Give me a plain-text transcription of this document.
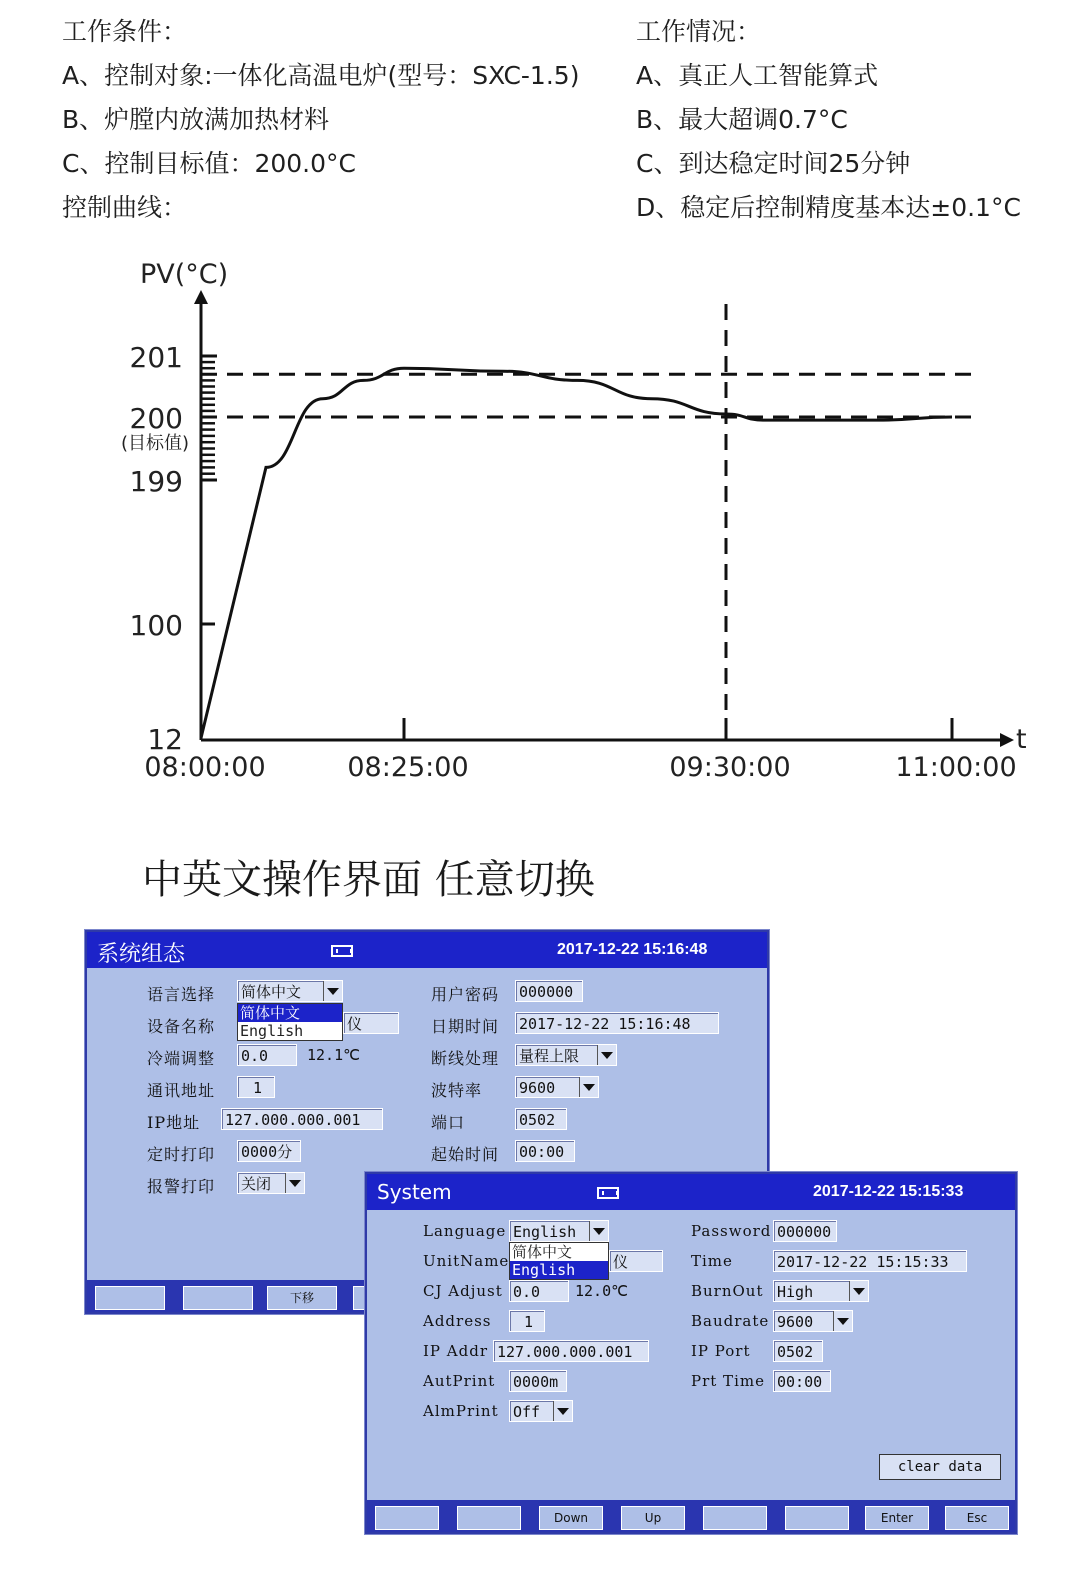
工作条件：
A、控制对象:一体化高温电炉(型号：SXC-1.5)
B、炉膛内放满加热材料
C、控制目标值：200.0°C
控制曲线：
工作情况：
A、真正人工智能算式
B、最大超调0.7°C
C、到达稳定时间25分钟
D、稳定后控制精度基本达±0.1°C
PV(°C)
t
201
200
199
100
12
(目标值)
08:00:00	08:25:00	09:30:00	11:00:00
中英文操作界面 任意切换
系统组态	2017-12-22 15:16:48
语言选择 简体中文
简体中文
English
设备名称	仪
冷端调整 0.0	12.1℃
通讯地址	1
IP地址 127.000.000.001
定时打印 0000分
报警打印 关闭
用户密码 000000
日期时间 2017-12-22 15:16:48
断线处理 量程上限
波特率 9600
端口	0502
起始时间 00:00
下移
System	2017-12-22 15:15:33
Language English
简体中文
English
UnitName	仪
CJ Adjust 0.0	12.0℃
Address	1
IP Addr 127.000.000.001
AutPrint 0000m
AlmPrint Off
Password 000000
Time	2017-12-22 15:15:33
BurnOut High
Baudrate 9600
IP Port 0502
Prt Time 00:00
clear data
Down	Up	Enter	Esc
